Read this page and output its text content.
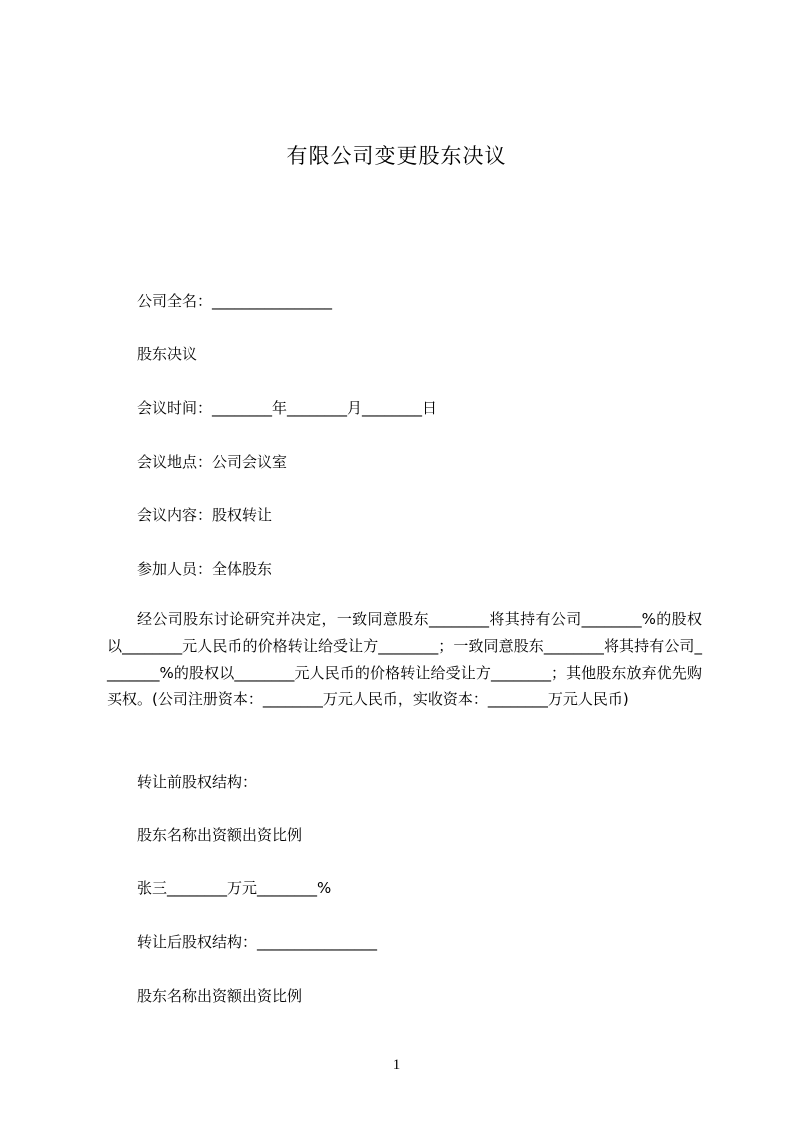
有限公司变更股东决议
公司全名：________________
股东决议
会议时间：________年________月________日
会议地点：公司会议室
会议内容：股权转让
参加人员：全体股东
经公司股东讨论研究并决定，一致同意股东________将其持有公司________%的股权以________元人民币的价格转让给受让方________；一致同意股东________将其持有公司________%的股权以________元人民币的价格转让给受让方________；其他股东放弃优先购买权。(公司注册资本：________万元人民币，实收资本：________万元人民币)
转让前股权结构：
股东名称出资额出资比例
张三________万元________%
转让后股权结构：________________
股东名称出资额出资比例
1
